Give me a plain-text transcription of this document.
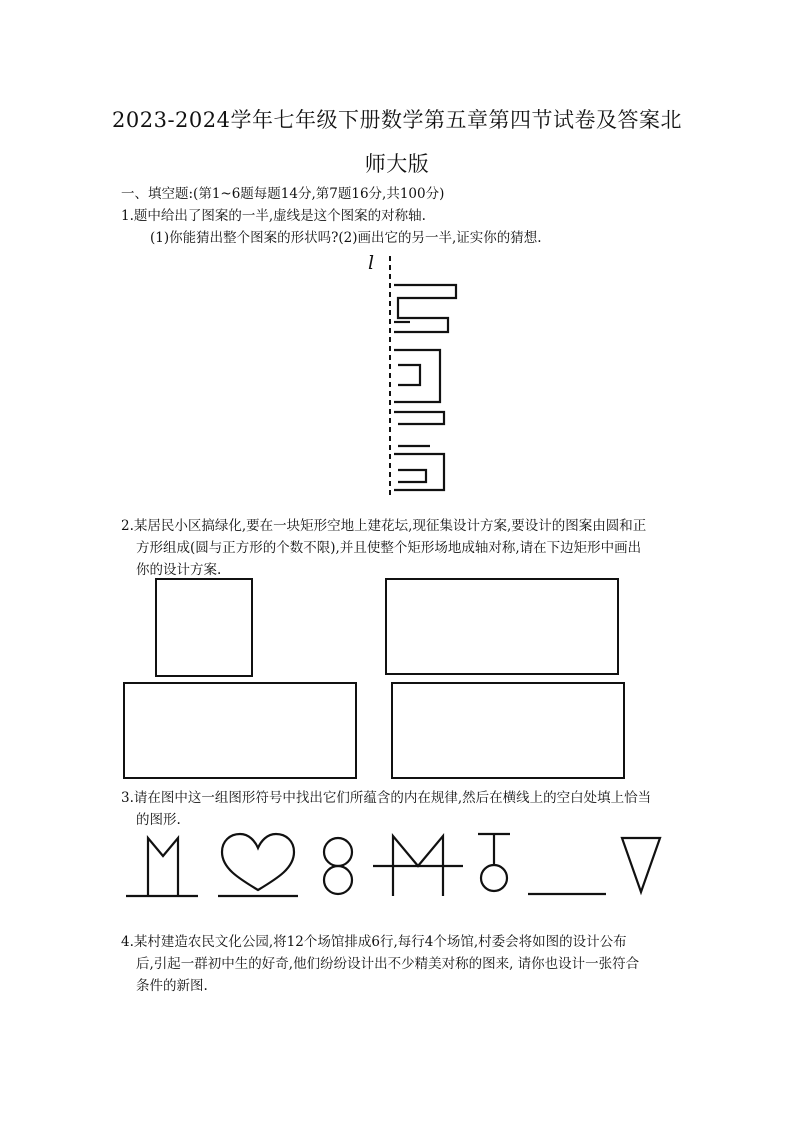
2023-2024学年七年级下册数学第五章第四节试卷及答案北
师大版
一、填空题:(第1~6题每题14分,第7题16分,共100分)
1.题中给出了图案的一半,虚线是这个图案的对称轴.
(1)你能猜出整个图案的形状吗?(2)画出它的另一半,证实你的猜想.
l
2.某居民小区搞绿化,要在一块矩形空地上建花坛,现征集设计方案,要设计的图案由圆和正
方形组成(圆与正方形的个数不限),并且使整个矩形场地成轴对称,请在下边矩形中画出
你的设计方案.
3.请在图中这一组图形符号中找出它们所蕴含的内在规律,然后在横线上的空白处填上恰当
的图形.
4.某村建造农民文化公园,将12个场馆排成6行,每行4个场馆,村委会将如图的设计公布
后,引起一群初中生的好奇,他们纷纷设计出不少精美对称的图来, 请你也设计一张符合
条件的新图.
